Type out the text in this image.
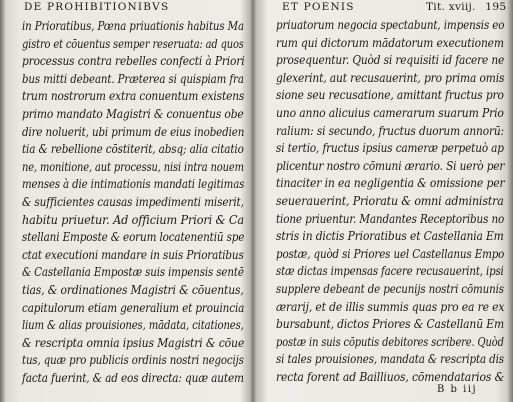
DE PROHIBITIONIBVS
in Prioratibus, Pœna priuationis habitus Ma
gistro et cōuentus semper reseruata: ad quos
processus contra rebelles confecti à Priori
bus mitti debeant. Præterea si quispiam fra
trum nostrorum extra conuentum existens
primo mandato Magistri & conuentus obe
dire noluerit, ubi primum de eius inobedien
tia & rebellione cōstiterit, absq; alia citatio
ne, monitione, aut processu, nisi intra nouem
menses à die intimationis mandati legitimas
& sufficientes causas impedimenti miserit,
habitu priuetur. Ad officium Priori & Ca
stellani Emposte & eorum locatenentiū spe
ctat executioni mandare in suis Prioratibus
& Castellania Empostæ suis impensis sentē
tias, & ordinationes Magistri & cōuentus,
capitulorum etiam generalium et prouincia
lium & alias prouisiones, mādata, citationes,
& rescripta omnia ipsius Magistri & cōue
tus, quæ pro publicis ordinis nostri negocijs
facta fuerint, & ad eos directa: quæ autem
ET POENIS	Tit. xviij. 195
priuatorum negocia spectabunt, impensis eo
rum qui dictorum mādatorum executionem
prosequentur. Quòd si requisiti id facere ne
glexerint, aut recusauerint, pro prima omis
sione seu recusatione, amittant fructus pro
uno anno alicuius camerarum suarum Prio
ralium: si secundo, fructus duorum annorū:
si tertio, fructus ipsius cameræ perpetuò ap
plicentur nostro cōmuni ærario. Si uerò per
tinaciter in ea negligentia & omissione per
seuerauerint, Prioratu & omni administra
tione priuentur. Mandantes Receptoribus no
stris in dictis Prioratibus et Castellania Em
postæ, quòd si Priores uel Castellanus Empo
stæ dictas impensas facere recusauerint, ipsi
supplere debeant de pecunijs nostri cōmunis
ærarij, et de illis summis quas pro ea re ex
bursabunt, dictos Priores & Castellanū Em
postæ in suis cōputis debitores scribere. Quòd
si tales prouisiones, mandata & rescripta dis
recta forent ad Bailliuos, cōmendatarios &
B b iij
